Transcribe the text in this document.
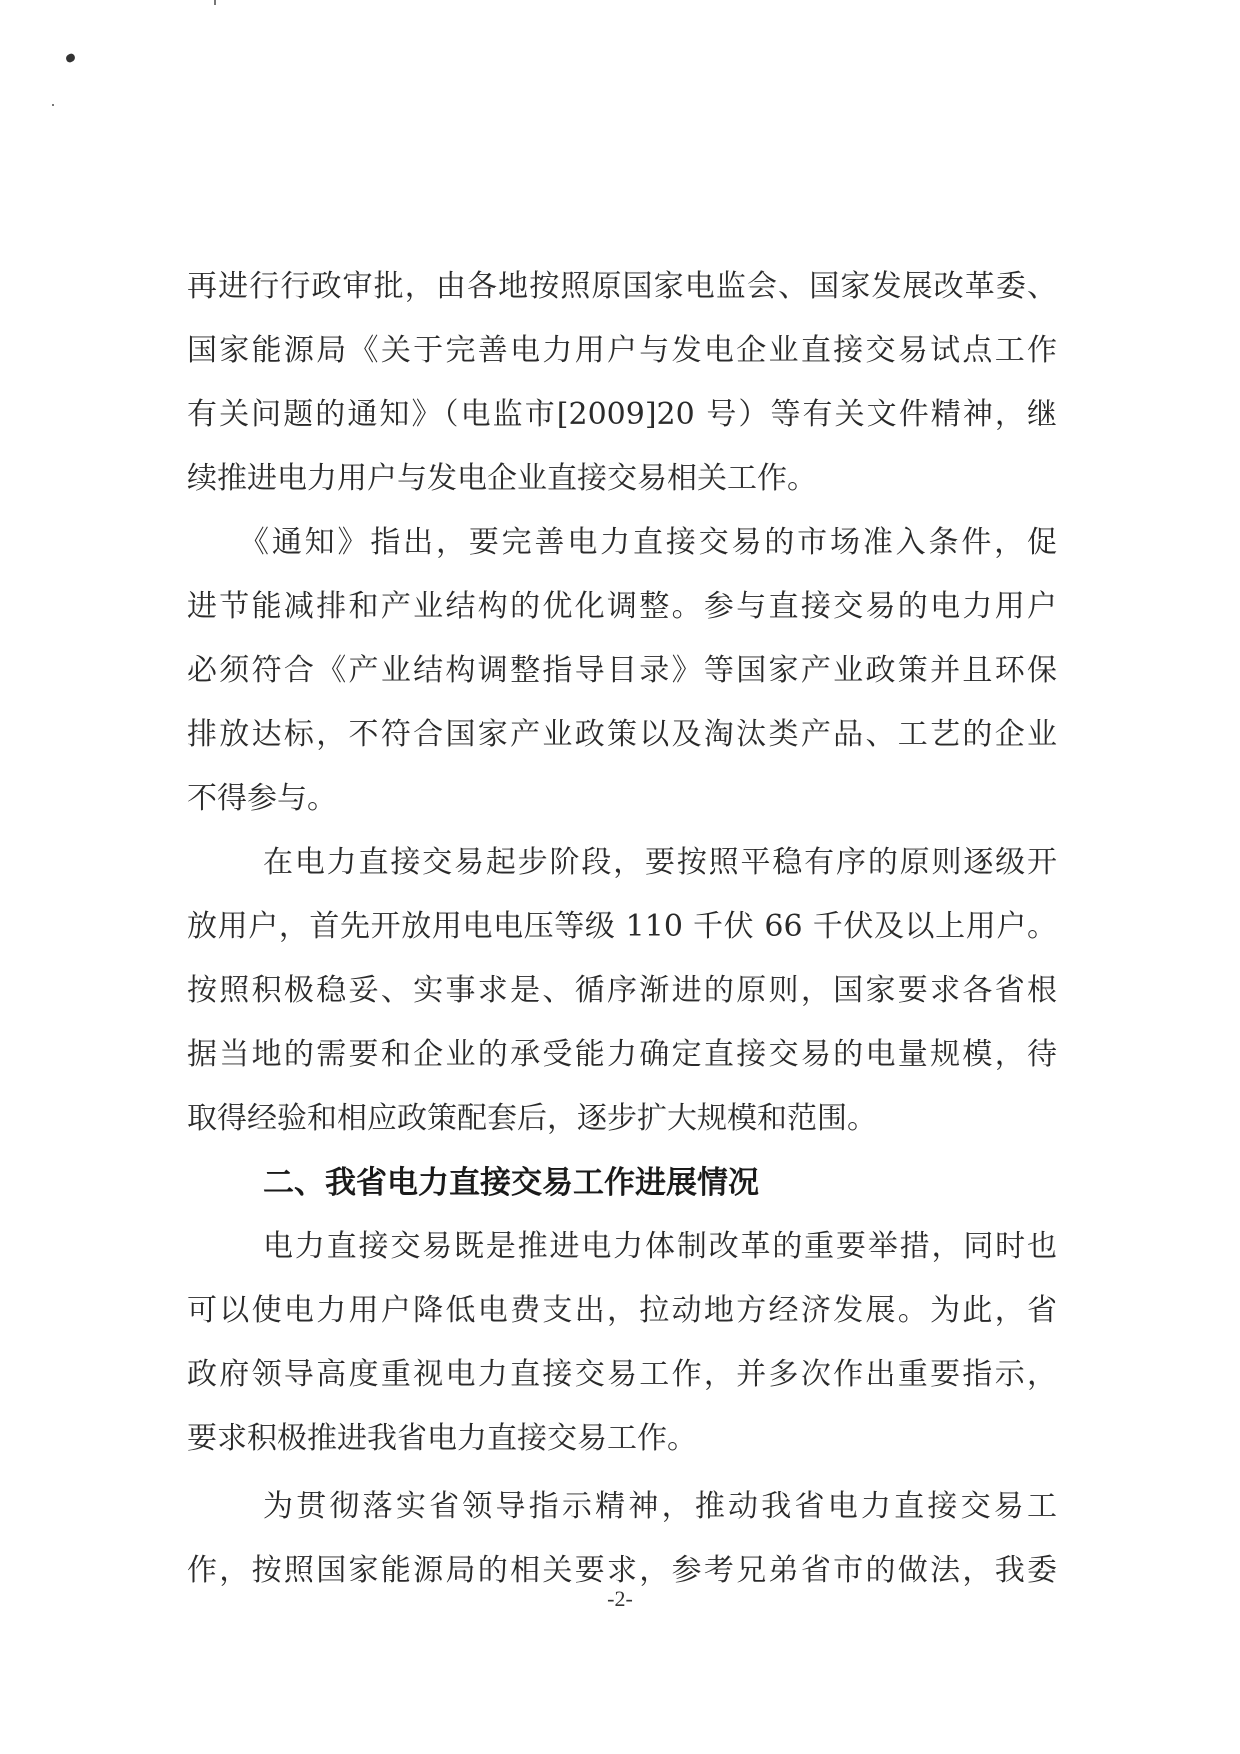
再进行行政审批，由各地按照原国家电监会、国家发展改革委、
国家能源局《关于完善电力用户与发电企业直接交易试点工作
有关问题的通知》（电监市[2009]20 号）等有关文件精神，继
续推进电力用户与发电企业直接交易相关工作。
《通知》指出，要完善电力直接交易的市场准入条件，促
进节能减排和产业结构的优化调整。参与直接交易的电力用户
必须符合《产业结构调整指导目录》等国家产业政策并且环保
排放达标，不符合国家产业政策以及淘汰类产品、工艺的企业
不得参与。
在电力直接交易起步阶段，要按照平稳有序的原则逐级开
放用户，首先开放用电电压等级 110 千伏 66 千伏及以上用户。
按照积极稳妥、实事求是、循序渐进的原则，国家要求各省根
据当地的需要和企业的承受能力确定直接交易的电量规模，待
取得经验和相应政策配套后，逐步扩大规模和范围。
二、我省电力直接交易工作进展情况
电力直接交易既是推进电力体制改革的重要举措，同时也
可以使电力用户降低电费支出，拉动地方经济发展。为此，省
政府领导高度重视电力直接交易工作，并多次作出重要指示，
要求积极推进我省电力直接交易工作。
为贯彻落实省领导指示精神，推动我省电力直接交易工
作，按照国家能源局的相关要求，参考兄弟省市的做法，我委
-2-
